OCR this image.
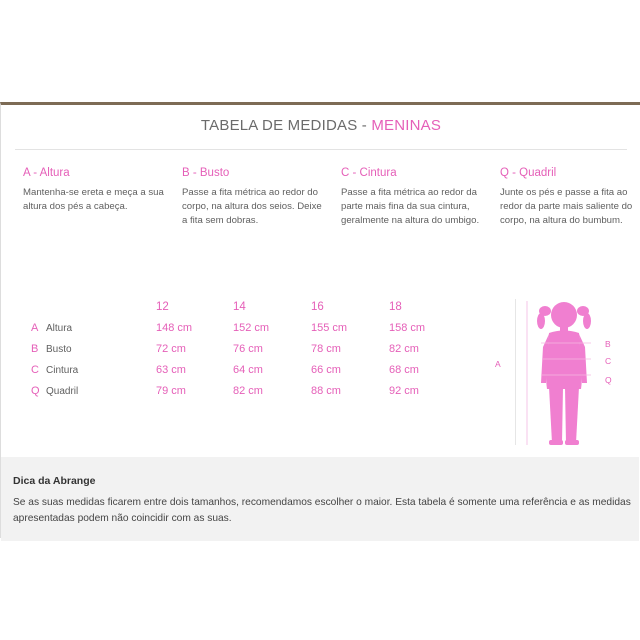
TABELA DE MEDIDAS - MENINAS
A - Altura
Mantenha-se ereta e meça a sua altura dos pés a cabeça.
B - Busto
Passe a fita métrica ao redor do corpo, na altura dos seios. Deixe a fita sem dobras.
C - Cintura
Passe a fita métrica ao redor da parte mais fina da sua cintura, geralmente na altura do umbigo.
Q - Quadril
Junte os pés e passe a fita ao redor da parte mais saliente do corpo, na altura do bumbum.
12	14	16	18
A Altura	148 cm	152 cm	155 cm	158 cm
B Busto	72 cm	76 cm	78 cm	82 cm
C Cintura	63 cm	64 cm	66 cm	68 cm
Q Quadril	79 cm	82 cm	88 cm	92 cm
A
B
C
Q
Dica da Abrange
Se as suas medidas ficarem entre dois tamanhos, recomendamos escolher o maior. Esta tabela é somente uma referência e as medidas apresentadas podem não coincidir com as suas.
